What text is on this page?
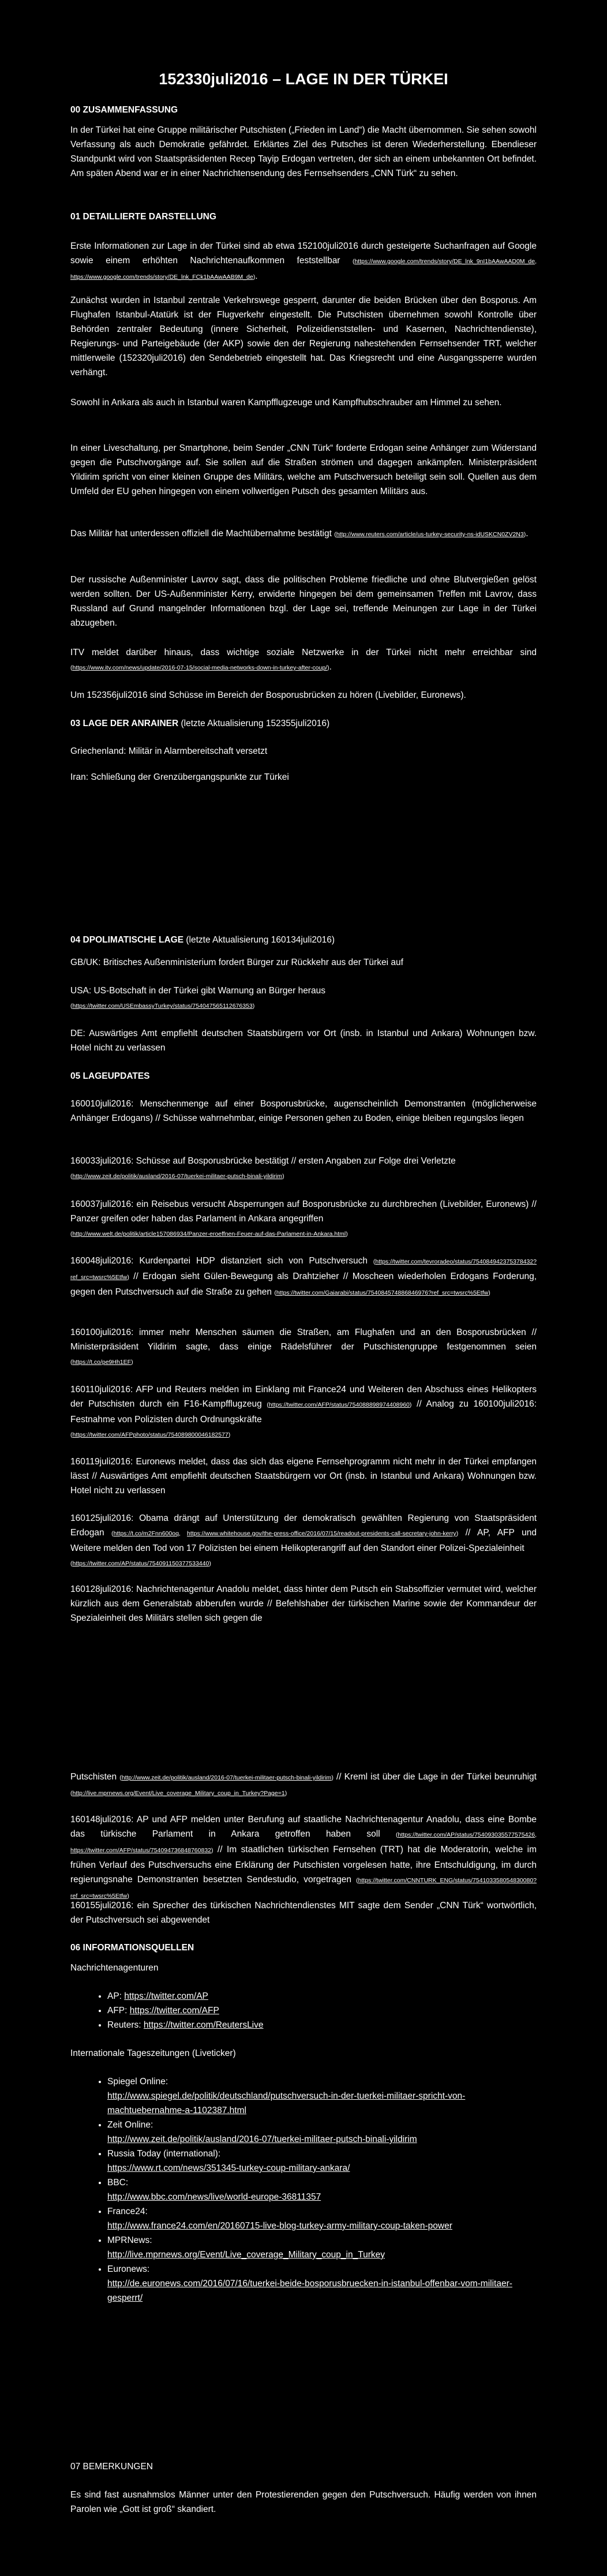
152330juli2016 – LAGE IN DER TÜRKEI
00 ZUSAMMENFASSUNG
In der Türkei hat eine Gruppe militärischer Putschisten („Frieden im Land“) die Macht übernommen. Sie sehen sowohl Verfassung als auch Demokratie gefährdet. Erklärtes Ziel des Putsches ist deren Wiederherstellung. Ebendieser Standpunkt wird von Staatspräsidenten Recep Tayip Erdogan vertreten, der sich an einem unbekannten Ort befindet. Am späten Abend war er in einer Nachrichtensendung des Fernsehsenders „CNN Türk“ zu sehen.
01 DETAILLIERTE DARSTELLUNG
Erste Informationen zur Lage in der Türkei sind ab etwa 152100juli2016 durch gesteigerte Suchanfragen auf Google sowie einem erhöhten Nachrichtenaufkommen feststellbar (https://www.google.com/trends/story/DE_lnk_9nI1bAAwAAD0M_de, https://www.google.com/trends/story/DE_lnk_FCk1bAAwAAB9M_de).
Zunächst wurden in Istanbul zentrale Verkehrswege gesperrt, darunter die beiden Brücken über den Bosporus. Am Flughafen Istanbul-Atatürk ist der Flugverkehr eingestellt. Die Putschisten übernehmen sowohl Kontrolle über Behörden zentraler Bedeutung (innere Sicherheit, Polizeidienststellen- und Kasernen, Nachrichtendienste), Regierungs- und Parteigebäude (der AKP) sowie den der Regierung nahestehenden Fernsehsender TRT, welcher mittlerweile (152320juli2016) den Sendebetrieb eingestellt hat. Das Kriegsrecht und eine Ausgangssperre wurden verhängt.
Sowohl in Ankara als auch in Istanbul waren Kampfflugzeuge und Kampfhubschrauber am Himmel zu sehen.
In einer Liveschaltung, per Smartphone, beim Sender „CNN Türk“ forderte Erdogan seine Anhänger zum Widerstand gegen die Putschvorgänge auf. Sie sollen auf die Straßen strömen und dagegen ankämpfen. Ministerpräsident Yildirim spricht von einer kleinen Gruppe des Militärs, welche am Putschversuch beteiligt sein soll. Quellen aus dem Umfeld der EU gehen hingegen von einem vollwertigen Putsch des gesamten Militärs aus.
Das Militär hat unterdessen offiziell die Machtübernahme bestätigt (http://www.reuters.com/article/us-turkey-security-ns-idUSKCN0ZV2N3).
Der russische Außenminister Lavrov sagt, dass die politischen Probleme friedliche und ohne Blutvergießen gelöst werden sollten. Der US-Außenminister Kerry, erwiderte hingegen bei dem gemeinsamen Treffen mit Lavrov, dass Russland auf Grund mangelnder Informationen bzgl. der Lage sei, treffende Meinungen zur Lage in der Türkei abzugeben.
ITV meldet darüber hinaus, dass wichtige soziale Netzwerke in der Türkei nicht mehr erreichbar sind (https://www.itv.com/news/update/2016-07-15/social-media-networks-down-in-turkey-after-coup/).
Um 152356juli2016 sind Schüsse im Bereich der Bosporusbrücken zu hören (Livebilder, Euronews).
03 LAGE DER ANRAINER (letzte Aktualisierung 152355juli2016)
Griechenland: Militär in Alarmbereitschaft versetzt
Iran: Schließung der Grenzübergangspunkte zur Türkei
04 DPOLIMATISCHE LAGE (letzte Aktualisierung 160134juli2016)
GB/UK: Britisches Außenministerium fordert Bürger zur Rückkehr aus der Türkei auf
USA: US-Botschaft in der Türkei gibt Warnung an Bürger heraus
(https://twitter.com/USEmbassyTurkey/status/754047565112676353)
DE: Auswärtiges Amt empfiehlt deutschen Staatsbürgern vor Ort (insb. in Istanbul und Ankara) Wohnungen bzw. Hotel nicht zu verlassen
05 LAGEUPDATES
160010juli2016: Menschenmenge auf einer Bosporusbrücke, augenscheinlich Demonstranten (möglicherweise Anhänger Erdogans) // Schüsse wahrnehmbar, einige Personen gehen zu Boden, einige bleiben regungslos liegen
160033juli2016: Schüsse auf Bosporusbrücke bestätigt // ersten Angaben zur Folge drei Verletzte
(http://www.zeit.de/politik/ausland/2016-07/tuerkei-militaer-putsch-binali-yildirim)
160037juli2016: ein Reisebus versucht Absperrungen auf Bosporusbrücke zu durchbrechen (Livebilder, Euronews) // Panzer greifen oder haben das Parlament in Ankara angegriffen
(http://www.welt.de/politik/article157086934/Panzer-eroeffnen-Feuer-auf-das-Parlament-in-Ankara.html)
160048juli2016: Kurdenpartei HDP distanziert sich von Putschversuch (https://twitter.com/tevroradeo/status/754084942375378432?ref_src=twsrc%5Etfw) // Erdogan sieht Gülen-Bewegung als Drahtzieher // Moscheen wiederholen Erdogans Forderung, gegen den Putschversuch auf die Straße zu gehen (https://twitter.com/Gaiarabi/status/754084574886846976?ref_src=twsrc%5Etfw)
160100juli2016: immer mehr Menschen säumen die Straßen, am Flughafen und an den Bosporusbrücken // Ministerpräsident Yildirim sagte, dass einige Rädelsführer der Putschistengruppe festgenommen seien (https://t.co/pe9Hh1EF)
160110juli2016: AFP und Reuters melden im Einklang mit France24 und Weiteren den Abschuss eines Helikopters der Putschisten durch ein F16-Kampfflugzeug (https://twitter.com/AFP/status/754088898974408960) // Analog zu 160100juli2016: Festnahme von Polizisten durch Ordnungskräfte
(https://twitter.com/AFPphoto/status/754089800046182577)
160119juli2016: Euronews meldet, dass das sich das eigene Fernsehprogramm nicht mehr in der Türkei empfangen lässt // Auswärtiges Amt empfiehlt deutschen Staatsbürgern vor Ort (insb. in Istanbul und Ankara) Wohnungen bzw. Hotel nicht zu verlassen
160125juli2016: Obama drängt auf Unterstützung der demokratisch gewählten Regierung von Staatspräsident Erdogan (https://t.co/m2Fnn600oq, https://www.whitehouse.gov/the-press-office/2016/07/15/readout-presidents-call-secretary-john-kerry) // AP, AFP und Weitere melden den Tod von 17 Polizisten bei einem Helikopterangriff auf den Standort einer Polizei-Spezialeinheit
(https://twitter.com/AP/status/754091150377533440)
160128juli2016: Nachrichtenagentur Anadolu meldet, dass hinter dem Putsch ein Stabsoffizier vermutet wird, welcher kürzlich aus dem Generalstab abberufen wurde // Befehlshaber der türkischen Marine sowie der Kommandeur der Spezialeinheit des Militärs stellen sich gegen die
Putschisten (http://www.zeit.de/politik/ausland/2016-07/tuerkei-militaer-putsch-binali-yildirim) // Kreml ist über die Lage in der Türkei beunruhigt (http://live.mprnews.org/Event/Live_coverage_Military_coup_in_Turkey?Page=1)
160148juli2016: AP und AFP melden unter Berufung auf staatliche Nachrichtenagentur Anadolu, dass eine Bombe das türkische Parlament in Ankara getroffen haben soll	(https://twitter.com/AP/status/754093035577575426, https://twitter.com/AFP/status/754094736848760832) // Im staatlichen türkischen Fernsehen (TRT) hat die Moderatorin, welche im frühen Verlauf des Putschversuchs eine Erklärung der Putschisten vorgelesen hatte, ihre Entschuldigung, im durch regierungsnahe Demonstranten besetzten Sendestudio, vorgetragen (https://twitter.com/CNNTURK_ENG/status/754103358054830080?ref_src=twsrc%5Etfw)
160155juli2016: ein Sprecher des türkischen Nachrichtendienstes MIT sagte dem Sender „CNN Türk“ wortwörtlich, der Putschversuch sei abgewendet
06 INFORMATIONSQUELLEN
Nachrichtenagenturen
• AP: https://twitter.com/AP
• AFP: https://twitter.com/AFP
• Reuters: https://twitter.com/ReutersLive
Internationale Tageszeitungen (Liveticker)
• Spiegel Online:
http://www.spiegel.de/politik/deutschland/putschversuch-in-der-tuerkei-militaer-spricht-von-machtuebernahme-a-1102387.html
• Zeit Online:
http://www.zeit.de/politik/ausland/2016-07/tuerkei-militaer-putsch-binali-yildirim
• Russia Today (international):
https://www.rt.com/news/351345-turkey-coup-military-ankara/
• BBC:
http://www.bbc.com/news/live/world-europe-36811357
• France24:
http://www.france24.com/en/20160715-live-blog-turkey-army-military-coup-taken-power
• MPRNews:
http://live.mprnews.org/Event/Live_coverage_Military_coup_in_Turkey
• Euronews:
http://de.euronews.com/2016/07/16/tuerkei-beide-bosporusbruecken-in-istanbul-offenbar-vom-militaer-gesperrt/
07 BEMERKUNGEN
Es sind fast ausnahmslos Männer unter den Protestierenden gegen den Putschversuch. Häufig werden von ihnen Parolen wie „Gott ist groß“ skandiert.
